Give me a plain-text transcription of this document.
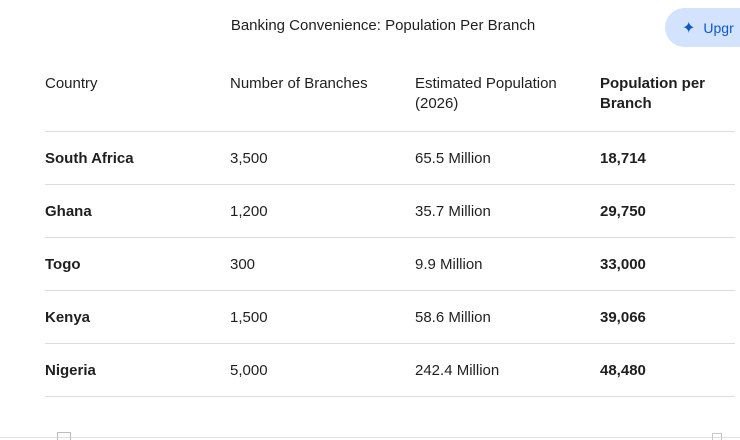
Banking Convenience: Population Per Branch	✦ Upgr
Country	Number of Branches	Estimated Population (2026)	Population per Branch
South Africa	3,500	65.5 Million	18,714
Ghana	1,200	35.7 Million	29,750
Togo	300	9.9 Million	33,000
Kenya	1,500	58.6 Million	39,066
Nigeria	5,000	242.4 Million	48,480
